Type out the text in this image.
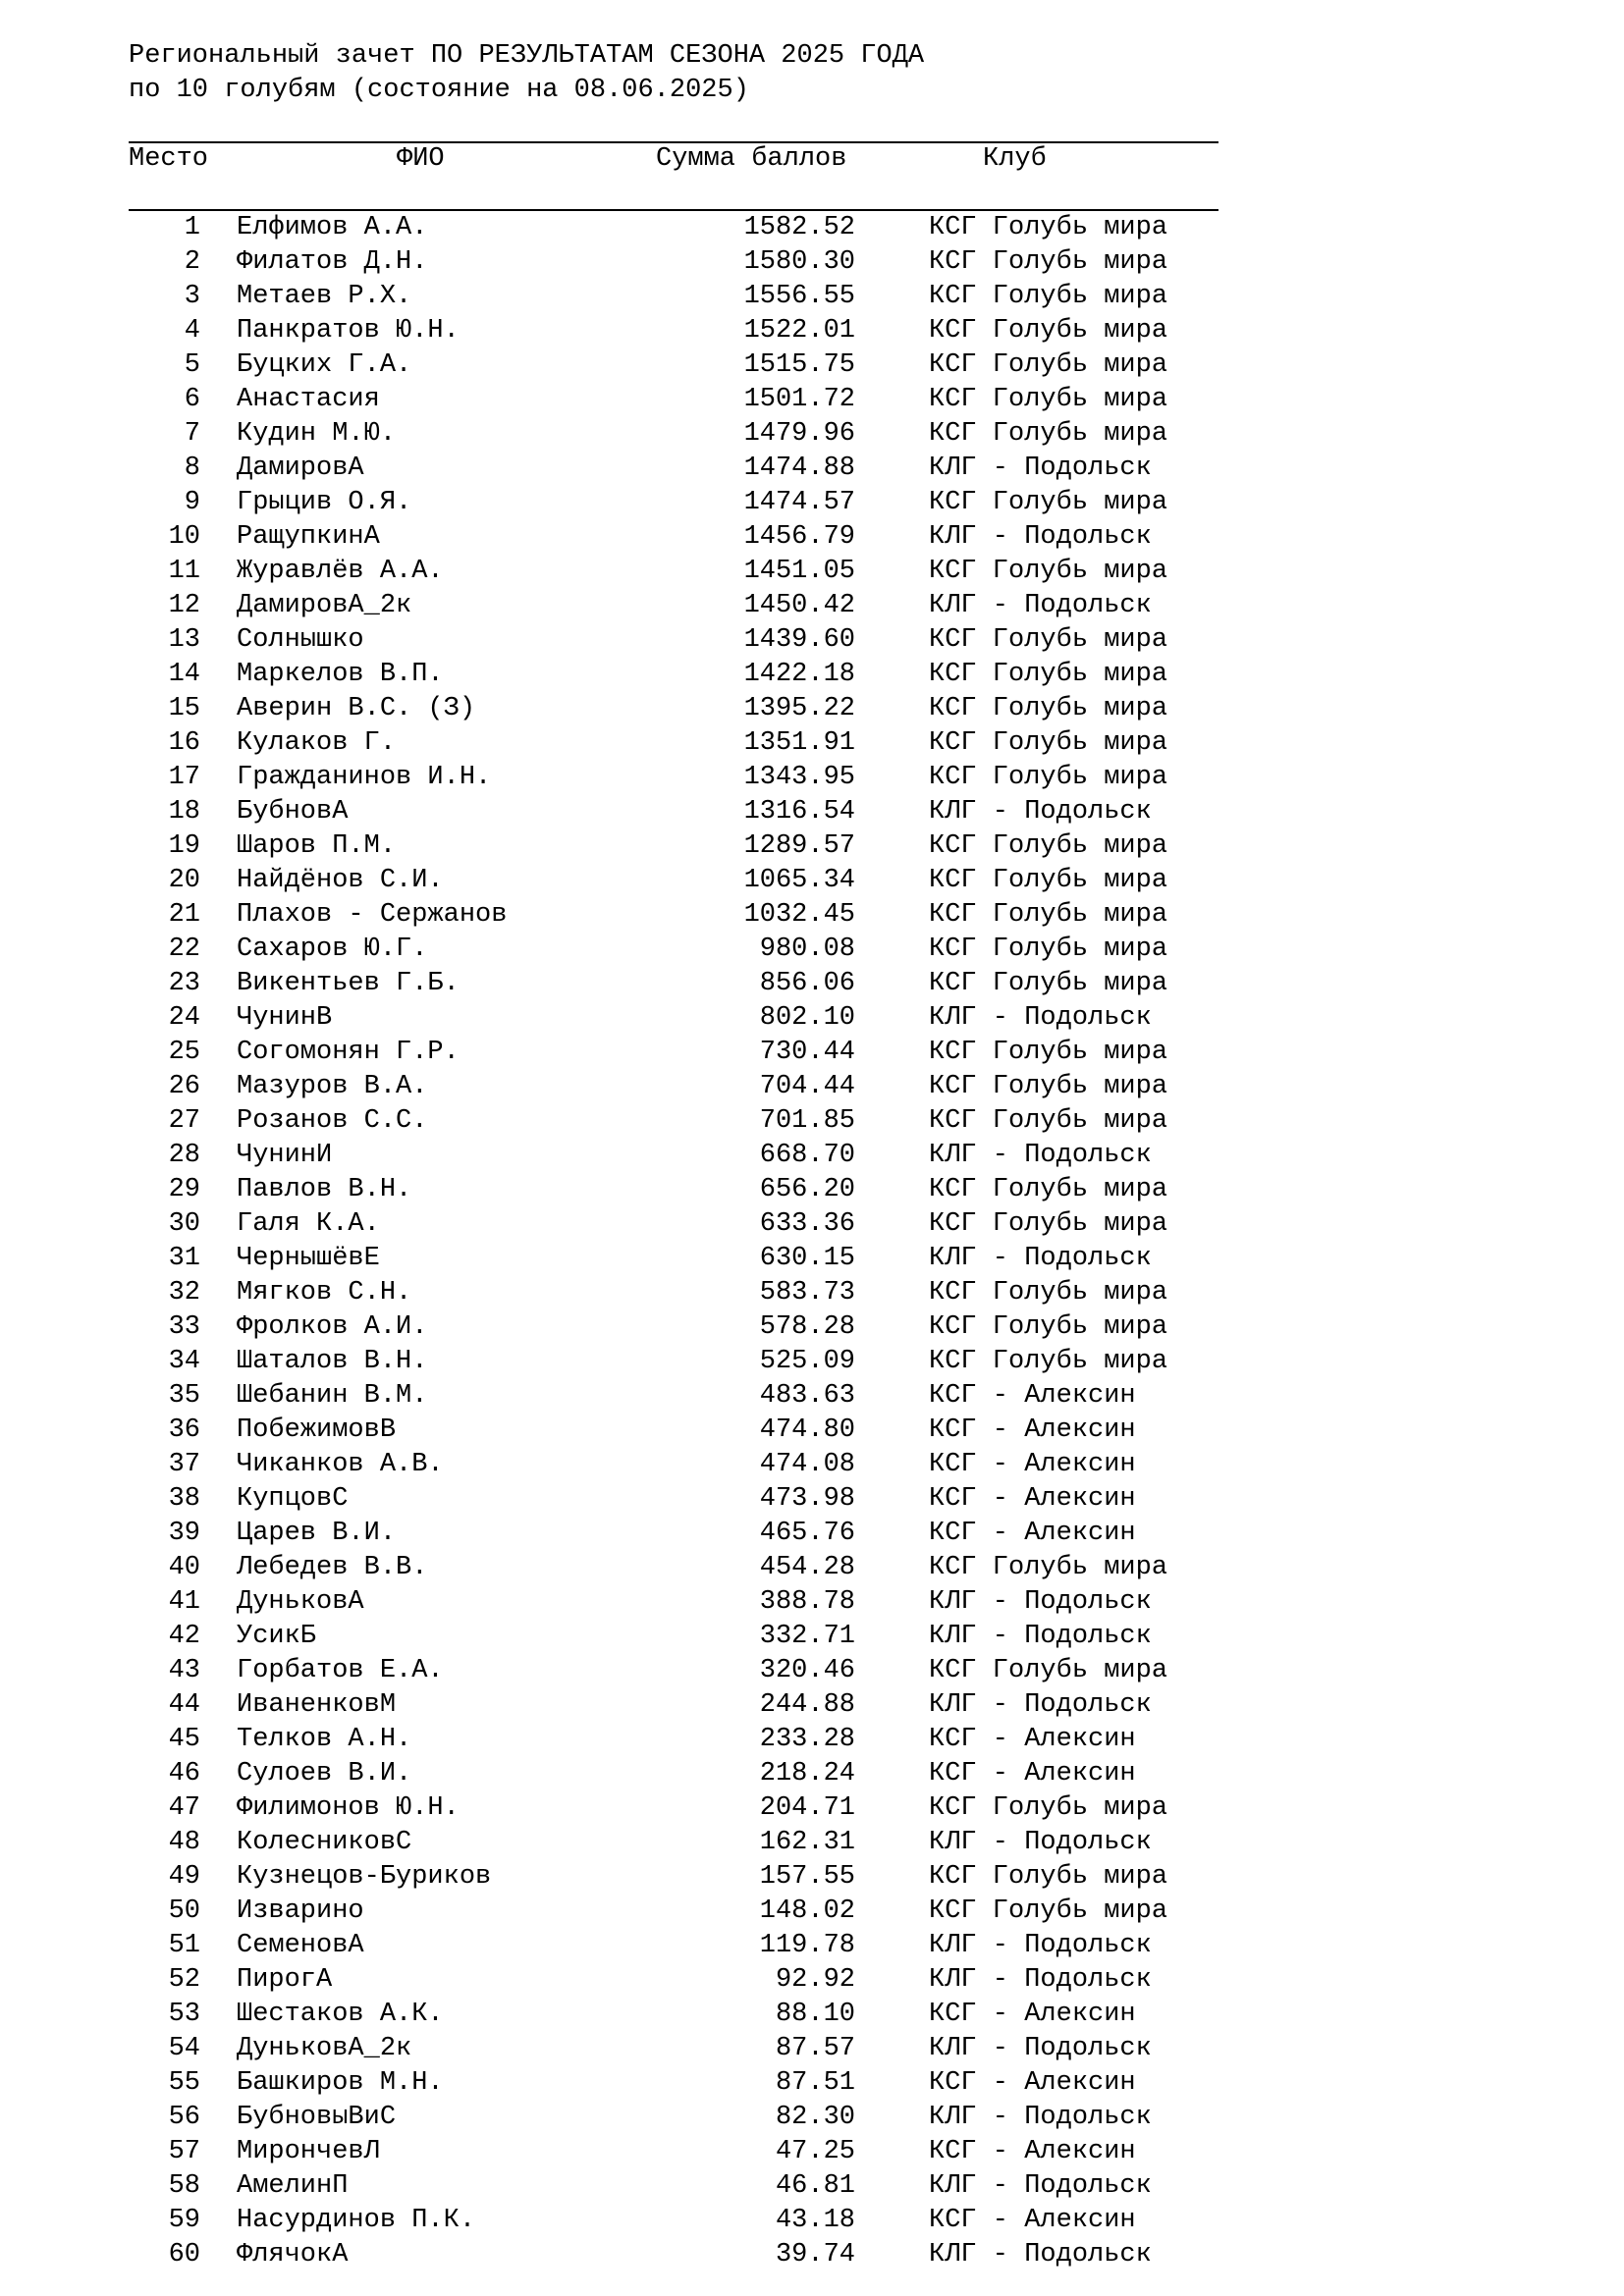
Региональный зачет ПО РЕЗУЛЬТАТАМ СЕЗОНА 2025 ГОДА
по 10 голубям (состояние на 08.06.2025)
Место	ФИО	Сумма баллов	Клуб
1 Елфимов А.А.	1582.52	КСГ Голубь мира
2 Филатов Д.Н.	1580.30	КСГ Голубь мира
3 Метаев Р.Х.	1556.55	КСГ Голубь мира
4 Панкратов Ю.Н.	1522.01	КСГ Голубь мира
5 Буцких Г.А.	1515.75	КСГ Голубь мира
6 Анастасия	1501.72	КСГ Голубь мира
7 Кудин М.Ю.	1479.96	КСГ Голубь мира
8 ДамировА	1474.88	КЛГ - Подольск
9 Грыцив О.Я.	1474.57	КСГ Голубь мира
10 РащупкинА	1456.79	КЛГ - Подольск
11 Журавлёв А.А.	1451.05	КСГ Голубь мира
12 ДамировА_2к	1450.42	КЛГ - Подольск
13 Солнышко	1439.60	КСГ Голубь мира
14 Маркелов В.П.	1422.18	КСГ Голубь мира
15 Аверин В.С. (З)	1395.22	КСГ Голубь мира
16 Кулаков Г.	1351.91	КСГ Голубь мира
17 Гражданинов И.Н.	1343.95	КСГ Голубь мира
18 БубновА	1316.54	КЛГ - Подольск
19 Шаров П.М.	1289.57	КСГ Голубь мира
20 Найдёнов С.И.	1065.34	КСГ Голубь мира
21 Плахов - Сержанов	1032.45	КСГ Голубь мира
22 Сахаров Ю.Г.	980.08	КСГ Голубь мира
23 Викентьев Г.Б.	856.06	КСГ Голубь мира
24 ЧунинВ	802.10	КЛГ - Подольск
25 Согомонян Г.Р.	730.44	КСГ Голубь мира
26 Мазуров В.А.	704.44	КСГ Голубь мира
27 Розанов С.С.	701.85	КСГ Голубь мира
28 ЧунинИ	668.70	КЛГ - Подольск
29 Павлов В.Н.	656.20	КСГ Голубь мира
30 Галя К.А.	633.36	КСГ Голубь мира
31 ЧернышёвЕ	630.15	КЛГ - Подольск
32 Мягков С.Н.	583.73	КСГ Голубь мира
33 Фролков А.И.	578.28	КСГ Голубь мира
34 Шаталов В.Н.	525.09	КСГ Голубь мира
35 Шебанин В.М.	483.63	КСГ - Алексин
36 ПобежимовВ	474.80	КСГ - Алексин
37 Чиканков А.В.	474.08	КСГ - Алексин
38 КупцовС	473.98	КСГ - Алексин
39 Царев В.И.	465.76	КСГ - Алексин
40 Лебедев В.В.	454.28	КСГ Голубь мира
41 ДуньковА	388.78	КЛГ - Подольск
42 УсикБ	332.71	КЛГ - Подольск
43 Горбатов Е.А.	320.46	КСГ Голубь мира
44 ИваненковМ	244.88	КЛГ - Подольск
45 Телков А.Н.	233.28	КСГ - Алексин
46 Сулоев В.И.	218.24	КСГ - Алексин
47 Филимонов Ю.Н.	204.71	КСГ Голубь мира
48 КолесниковС	162.31	КЛГ - Подольск
49 Кузнецов-Буриков	157.55	КСГ Голубь мира
50 Изварино	148.02	КСГ Голубь мира
51 СеменовА	119.78	КЛГ - Подольск
52 ПирогА	92.92	КЛГ - Подольск
53 Шестаков А.К.	88.10	КСГ - Алексин
54 ДуньковА_2к	87.57	КЛГ - Подольск
55 Башкиров М.Н.	87.51	КСГ - Алексин
56 БубновыВиС	82.30	КЛГ - Подольск
57 МирончевЛ	47.25	КСГ - Алексин
58 АмелинП	46.81	КЛГ - Подольск
59 Насурдинов П.К.	43.18	КСГ - Алексин
60 ФлячокА	39.74	КЛГ - Подольск
